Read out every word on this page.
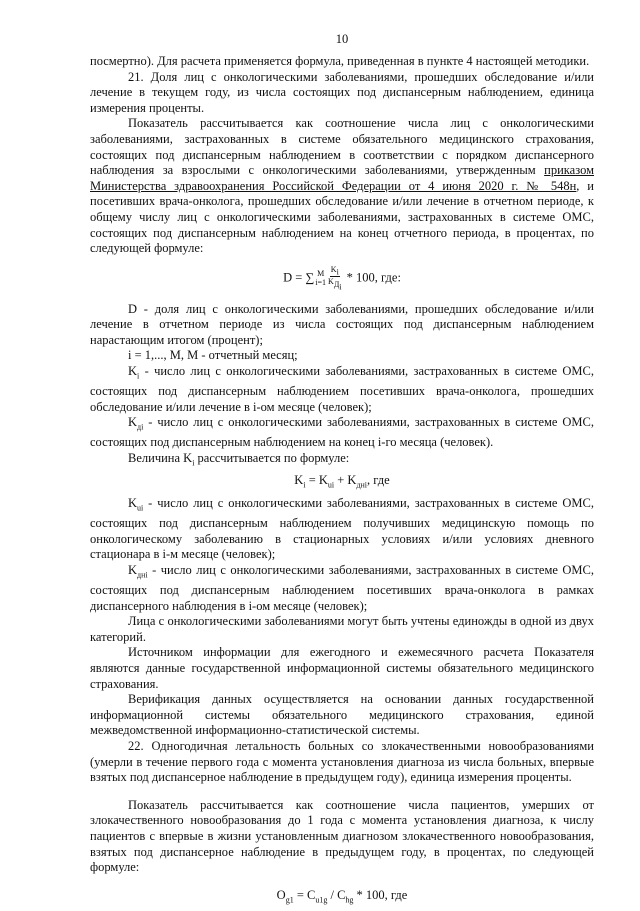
10

посмертно). Для расчета применяется формула, приведенная в пункте 4 настоящей методики.

21. Доля лиц с онкологическими заболеваниями, прошедших обследование и/или лечение в текущем году, из числа состоящих под диспансерным наблюдением, единица измерения проценты.

Показатель рассчитывается как соотношение числа лиц с онкологическими заболеваниями, застрахованных в системе обязательного медицинского страхования, состоящих под диспансерным наблюдением в соответствии с порядком диспансерного наблюдения за взрослыми с онкологическими заболеваниями, утвержденным приказом Министерства здравоохранения Российской Федерации от 4 июня 2020 г. № 548н, и посетивших врача-онколога, прошедших обследование и/или лечение в отчетном периоде, к общему числу лиц с онкологическими заболеваниями, застрахованных в системе ОМС, состоящих под диспансерным наблюдением на конец отчетного периода, в процентах, по следующей формуле:

D = ∑ M
$i=1 \frac{K_i}{K_{Д_i}} * 100$, где:

D - доля лиц с онкологическими заболеваниями, прошедших обследование и/или лечение в отчетном периоде из числа состоящих под диспансерным наблюдением нарастающим итогом (процент);

i = 1,..., M, M - отчетный месяц;

$K_i$ - число лиц с онкологическими заболеваниями, застрахованных в системе ОМС, состоящих под диспансерным наблюдением посетивших врача-онколога, прошедших обследование и/или лечение в i-ом месяце (человек);

$K_{дi}$ - число лиц с онкологическими заболеваниями, застрахованных в системе ОМС, состоящих под диспансерным наблюдением на конец i-го месяца (человек).

Величина $K_i$ рассчитывается по формуле:

$K_i = K_{ui} + K_{дні}$, где

$K_{ui}$ - число лиц с онкологическими заболеваниями, застрахованных в системе ОМС, состоящих под диспансерным наблюдением получивших медицинскую помощь по онкологическому заболеванию в стационарных условиях и/или условиях дневного стационара в i-м месяце (человек);

$K_{дні}$ - число лиц с онкологическими заболеваниями, застрахованных в системе ОМС, состоящих под диспансерным наблюдением посетивших врача-онколога в рамках диспансерного наблюдения в i-ом месяце (человек);

Лица с онкологическими заболеваниями могут быть учтены единожды в одной из двух категорий.

Источником информации для ежегодного и ежемесячного расчета Показателя являются данные государственной информационной системы обязательного медицинского страхования.

Верификация данных осуществляется на основании данных государственной информационной системы обязательного медицинского страхования, единой межведомственной информационно-статистической системы.

22. Одногодичная летальность больных со злокачественными новообразованиями (умерли в течение первого года с момента установления диагноза из числа больных, впервые взятых под диспансерное наблюдение в предыдущем году), единица измерения проценты.

Показатель рассчитывается как соотношение числа пациентов, умерших от злокачественного новообразования до 1 года с момента установления диагноза, к числу пациентов с впервые в жизни установленным диагнозом злокачественного новообразования, взятых под диспансерное наблюдение в предыдущем году, в процентах, по следующей формуле:

$O_{g1} = C_{u1g} / C_{hg} * 100$, где
